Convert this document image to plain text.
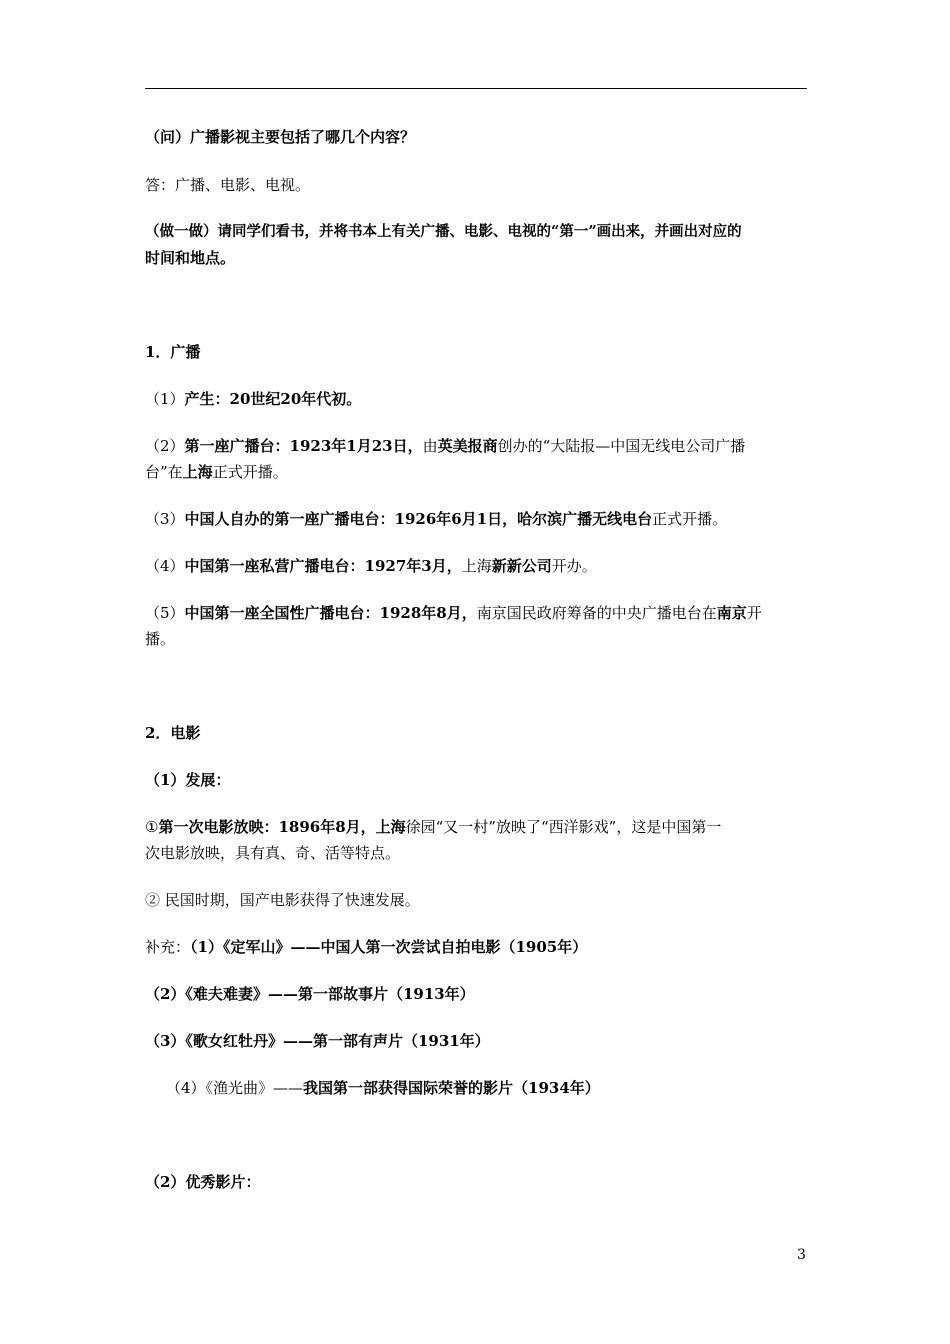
（问）广播影视主要包括了哪几个内容？
答：广播、电影、电视。
（做一做）请同学们看书，并将书本上有关广播、电影、电视的“第一”画出来，并画出对应的
时间和地点。
1．广播
（1）产生：20世纪20年代初。
（2）第一座广播台：1923年1月23日，由英美报商创办的“大陆报—中国无线电公司广播
台”在上海正式开播。
（3）中国人自办的第一座广播电台：1926年6月1日，哈尔滨广播无线电台正式开播。
（4）中国第一座私营广播电台：1927年3月，上海新新公司开办。
（5）中国第一座全国性广播电台：1928年8月，南京国民政府筹备的中央广播电台在南京开
播。
2．电影
（1）发展：
①第一次电影放映：1896年8月，上海徐园“又一村”放映了“西洋影戏”，这是中国第一
次电影放映，具有真、奇、活等特点。
② 民国时期，国产电影获得了快速发展。
补充：（1）《定军山》——中国人第一次尝试自拍电影（1905年）
（2）《难夫难妻》——第一部故事片（1913年）
（3）《歌女红牡丹》——第一部有声片（1931年）
（4）《渔光曲》——我国第一部获得国际荣誉的影片（1934年）
（2）优秀影片：
3
